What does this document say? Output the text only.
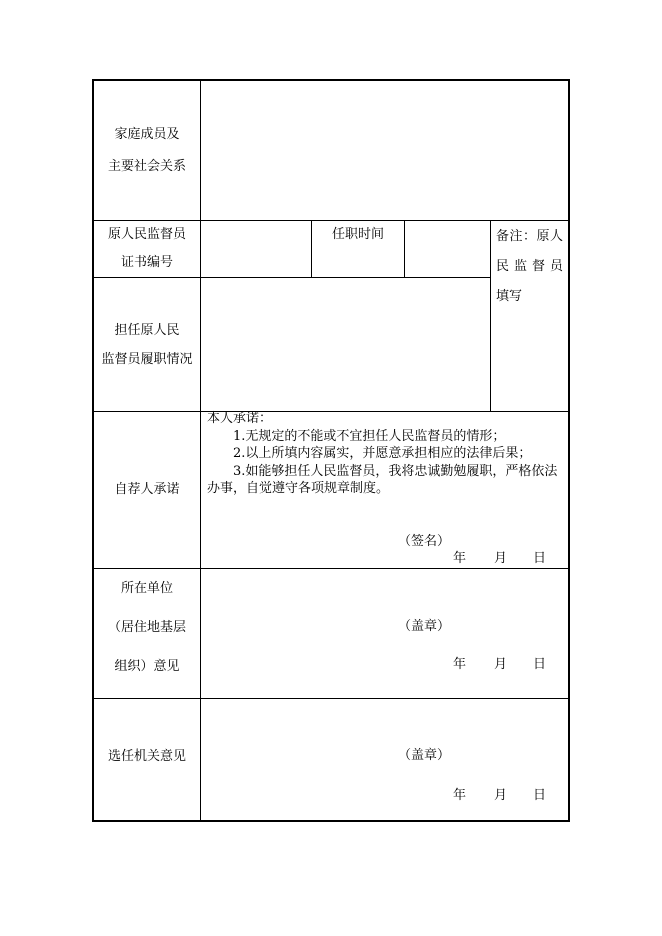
家庭成员及
主要社会关系
原人民监督员
证书编号
任职时间	备注：原人
民监督员
填写
担任原人民
监督员履职情况
自荐人承诺
本人承诺：
1.无规定的不能或不宜担任人民监督员的情形；
2.以上所填内容属实，并愿意承担相应的法律后果；
3.如能够担任人民监督员，我将忠诚勤勉履职，严格依法
办事，自觉遵守各项规章制度。
（签名）
年 月 日
所在单位
（居住地基层
组织）意见
（盖章）
年 月 日
选任机关意见	（盖章）
年 月 日
